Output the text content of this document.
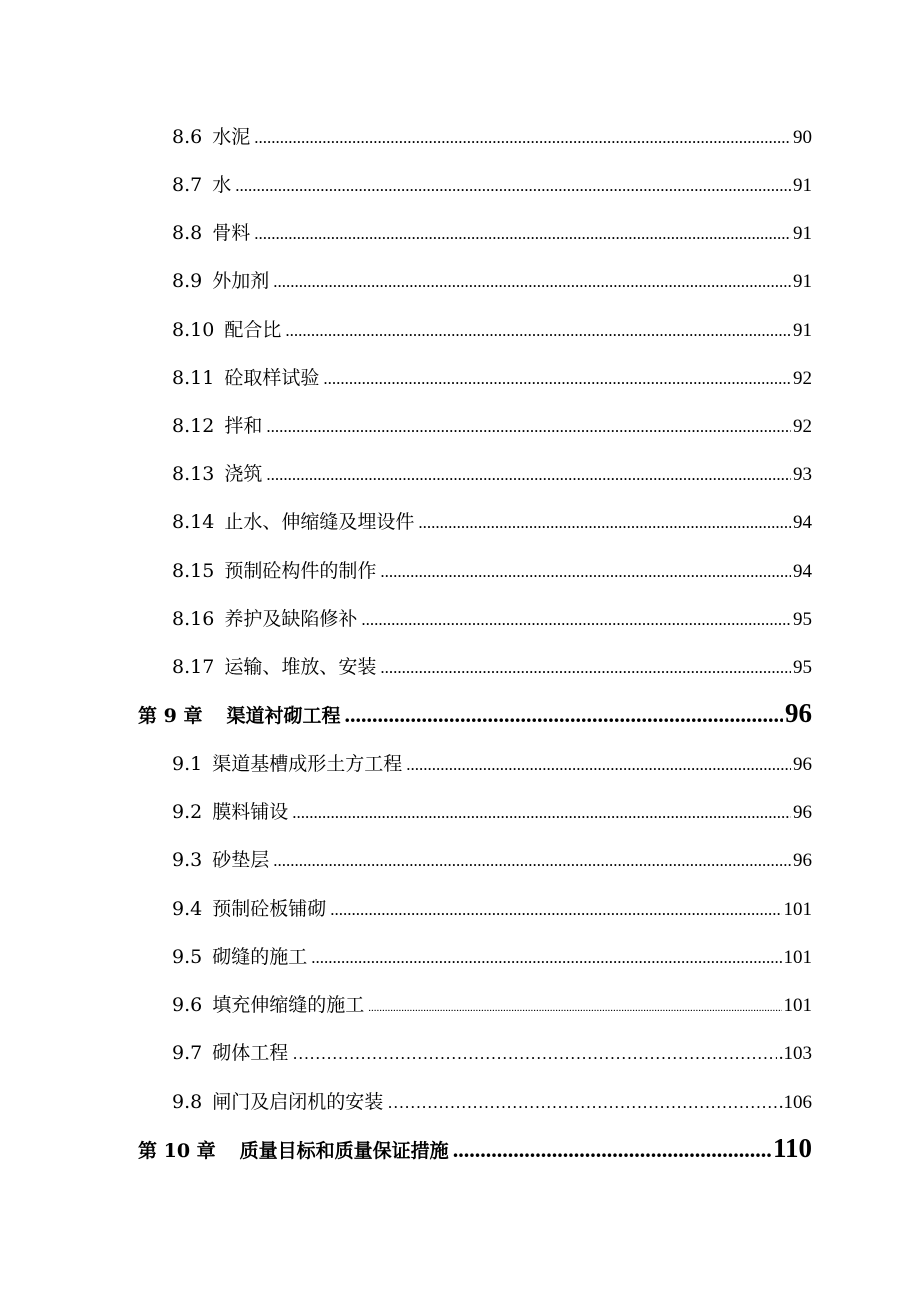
8.6 水泥 .....	90
8.7 水 .....	91
8.8 骨料 .....	91
8.9 外加剂 .....	91
8.10 配合比 .....	91
8.11 砼取样试验 .....	92
8.12 拌和 .....	92
8.13 浇筑 .....	93
8.14 止水、伸缩缝及埋设件 .....	94
8.15 预制砼构件的制作 .....	94
8.16 养护及缺陷修补 .....	95
8.17 运输、堆放、安装 .....	95
第 9 章 渠道衬砌工程 .....	96
9.1 渠道基槽成形土方工程 .....	96
9.2 膜料铺设 .....	96
9.3 砂垫层 .....	96
9.4 预制砼板铺砌 .....	101
9.5 砌缝的施工 .....	101
9.6 填充伸缩缝的施工 .....	101
9.7 砌体工程 …………………………………………………………………………………………………………………………………………………………	.103
9.8 闸门及启闭机的安装 …………………………………………………………………………………………………………………………………………………………	.106
第 10 章 质量目标和质量保证措施 .....	110
